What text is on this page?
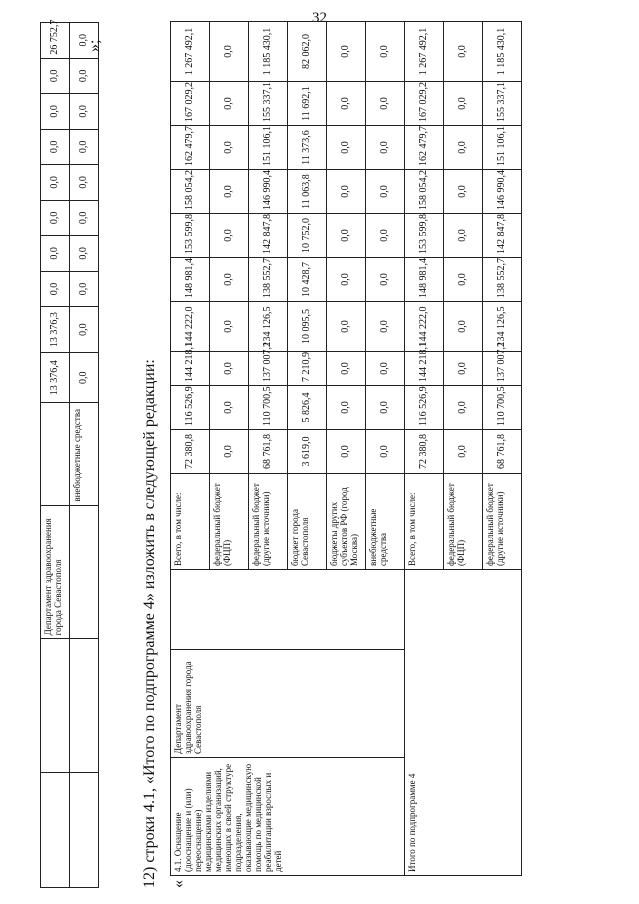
32
		Департамент здравоохранения города Севастополя		13 376,4	13 376,3	0,0	0,0	0,0	0,0	0,0	0,0	0,0	26 752,7
			внебюджетные средства	0,0	0,0	0,0	0,0	0,0	0,0	0,0	0,0	0,0	0,0
12) строки 4.1, «Итого по подпрограмме 4» изложить в следующей редакции: «
4.1. Оснащение (дооснащение и (или) переоснащение) медицинскими изделиями медицинских организаций, имеющих в своей структуре подразделения, оказывающие медицинскую помощь по медицинской реабилитации взрослых и детей	Департамент здравоохранения города Севастополя		Всего, в том числе:	72 380,8	116 526,9	144 218,1	144 222,0	148 981,4	153 599,8	158 054,2	162 479,7	167 029,2	1 267 492,1
			федеральный бюджет (ФЦП)	0,0	0,0	0,0	0,0	0,0	0,0	0,0	0,0	0,0	0,0
			федеральный бюджет (другие источники)	68 761,8	110 700,5	137 007,2	134 126,5	138 552,7	142 847,8	146 990,4	151 106,1	155 337,1	1 185 430,1
			бюджет города Севастополя	3 619,0	5 826,4	7 210,9	10 095,5	10 428,7	10 752,0	11 063,8	11 373,6	11 692,1	82 062,0
			бюджеты других субъектов РФ (город Москва)	0,0	0,0	0,0	0,0	0,0	0,0	0,0	0,0	0,0	0,0
			внебюджетные средства	0,0	0,0	0,0	0,0	0,0	0,0	0,0	0,0	0,0	0,0
Итого по подпрограмме 4			Всего, в том числе:	72 380,8	116 526,9	144 218,1	144 222,0	148 981,4	153 599,8	158 054,2	162 479,7	167 029,2	1 267 492,1
			федеральный бюджет (ФЦП)	0,0	0,0	0,0	0,0	0,0	0,0	0,0	0,0	0,0	0,0
			федеральный бюджет (другие источники)	68 761,8	110 700,5	137 007,2	134 126,5	138 552,7	142 847,8	146 990,4	151 106,1	155 337,1	1 185 430,1
»;
